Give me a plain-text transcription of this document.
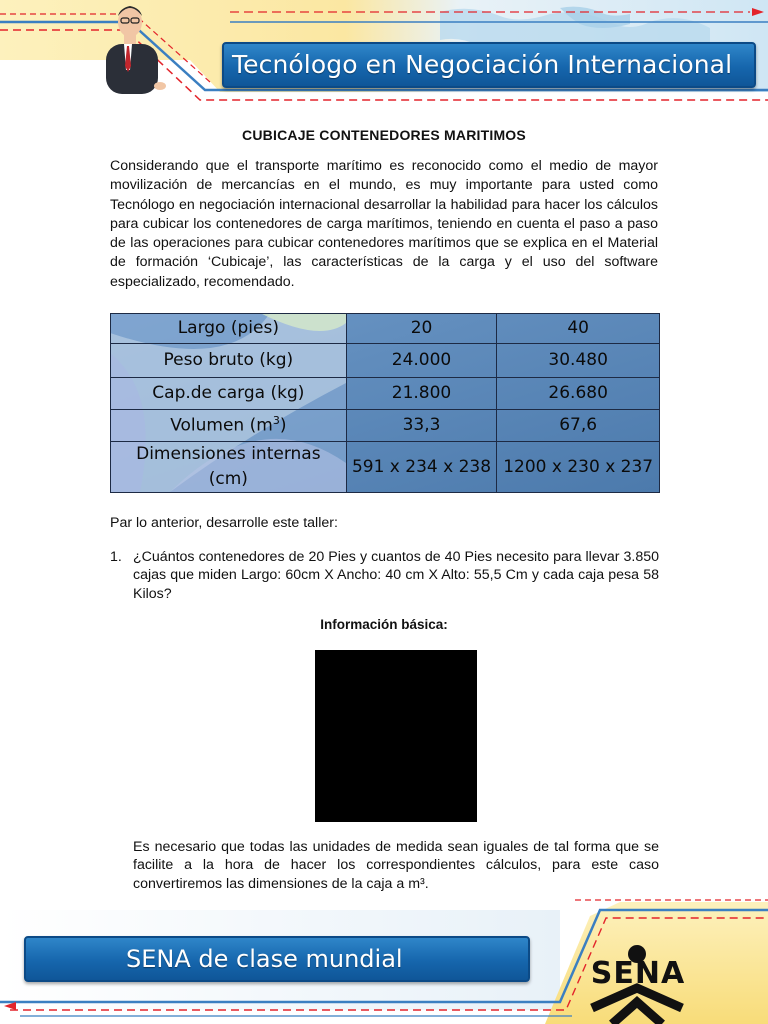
Tecnólogo en Negociación Internacional
CUBICAJE CONTENEDORES MARITIMOS

Considerando que el transporte marítimo es reconocido como el medio de mayor movilización de mercancías en el mundo, es muy importante para usted como Tecnólogo en negociación internacional desarrollar la habilidad para hacer los cálculos para cubicar los contenedores de carga marítimos, teniendo en cuenta el paso a paso de las operaciones para cubicar contenedores marítimos que se explica en el Material de formación ‘Cubicaje’, las características de la carga y el uso del software especializado, recomendado.

Largo (pies)	20	40
Peso bruto (kg)	24.000	30.480
Cap.de carga (kg)	21.800	26.680
Volumen $(m^3)$	33,3	67,6
Dimensiones internas (cm)	591 x 234 x 238	1200 x 230 x 237
Par lo anterior, desarrolle este taller:
1. ¿Cuántos contenedores de 20 Pies y cuantos de 40 Pies necesito para llevar 3.850 cajas que miden Largo: 60cm X Ancho: 40 cm X Alto: 55,5 Cm y cada caja pesa 58 Kilos?
Información básica:
Es necesario que todas las unidades de medida sean iguales de tal forma que se facilite a la hora de hacer los correspondientes cálculos, para este caso convertiremos las dimensiones de la caja a m³.
SENA de clase mundial	SENA
